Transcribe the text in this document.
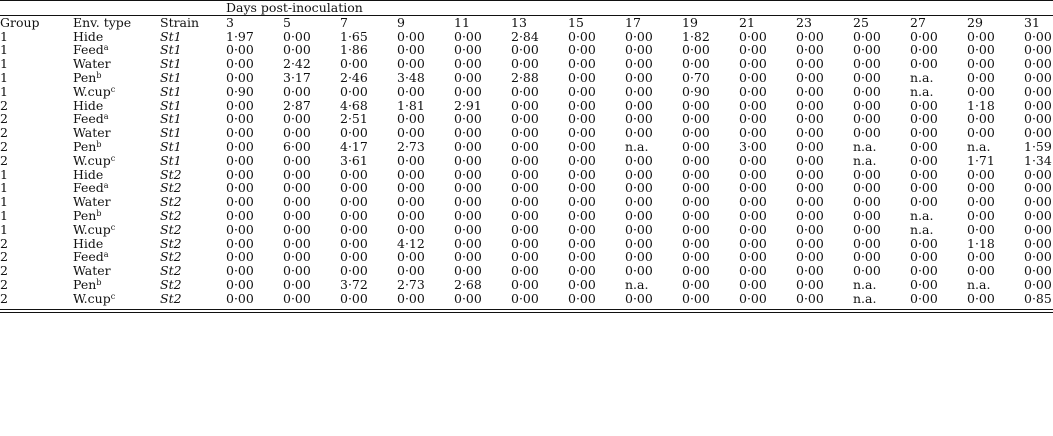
			Days post-inoculation														
Group	Env. type	Strain	3	5	7	9	11	13	15	17	19	21	23	25	27	29	31
1	Hide	St1	1·97	0·00	1·65	0·00	0·00	2·84	0·00	0·00	1·82	0·00	0·00	0·00	0·00	0·00	0·00
1	Feed$^a$	St1	0·00	0·00	1·86	0·00	0·00	0·00	0·00	0·00	0·00	0·00	0·00	0·00	0·00	0·00	0·00
1	Water	St1	0·00	2·42	0·00	0·00	0·00	0·00	0·00	0·00	0·00	0·00	0·00	0·00	0·00	0·00	0·00
1	Pen$^b$	St1	0·00	3·17	2·46	3·48	0·00	2·88	0·00	0·00	0·70	0·00	0·00	0·00	n.a.	0·00	0·00
1	W.cup$^c$	St1	0·90	0·00	0·00	0·00	0·00	0·00	0·00	0·00	0·90	0·00	0·00	0·00	n.a.	0·00	0·00
2	Hide	St1	0·00	2·87	4·68	1·81	2·91	0·00	0·00	0·00	0·00	0·00	0·00	0·00	0·00	1·18	0·00
2	Feed$^a$	St1	0·00	0·00	2·51	0·00	0·00	0·00	0·00	0·00	0·00	0·00	0·00	0·00	0·00	0·00	0·00
2	Water	St1	0·00	0·00	0·00	0·00	0·00	0·00	0·00	0·00	0·00	0·00	0·00	0·00	0·00	0·00	0·00
2	Pen$^b$	St1	0·00	6·00	4·17	2·73	0·00	0·00	0·00	n.a.	0·00	3·00	0·00	n.a.	0·00	n.a.	1·59
2	W.cup$^c$	St1	0·00	0·00	3·61	0·00	0·00	0·00	0·00	0·00	0·00	0·00	0·00	n.a.	0·00	1·71	1·34
1	Hide	St2	0·00	0·00	0·00	0·00	0·00	0·00	0·00	0·00	0·00	0·00	0·00	0·00	0·00	0·00	0·00
1	Feed$^a$	St2	0·00	0·00	0·00	0·00	0·00	0·00	0·00	0·00	0·00	0·00	0·00	0·00	0·00	0·00	0·00
1	Water	St2	0·00	0·00	0·00	0·00	0·00	0·00	0·00	0·00	0·00	0·00	0·00	0·00	0·00	0·00	0·00
1	Pen$^b$	St2	0·00	0·00	0·00	0·00	0·00	0·00	0·00	0·00	0·00	0·00	0·00	0·00	n.a.	0·00	0·00
1	W.cup$^c$	St2	0·00	0·00	0·00	0·00	0·00	0·00	0·00	0·00	0·00	0·00	0·00	0·00	n.a.	0·00	0·00
2	Hide	St2	0·00	0·00	0·00	4·12	0·00	0·00	0·00	0·00	0·00	0·00	0·00	0·00	0·00	1·18	0·00
2	Feed$^a$	St2	0·00	0·00	0·00	0·00	0·00	0·00	0·00	0·00	0·00	0·00	0·00	0·00	0·00	0·00	0·00
2	Water	St2	0·00	0·00	0·00	0·00	0·00	0·00	0·00	0·00	0·00	0·00	0·00	0·00	0·00	0·00	0·00
2	Pen$^b$	St2	0·00	0·00	3·72	2·73	2·68	0·00	0·00	n.a.	0·00	0·00	0·00	n.a.	0·00	n.a.	0·00
2	W.cup$^c$	St2	0·00	0·00	0·00	0·00	0·00	0·00	0·00	0·00	0·00	0·00	0·00	n.a.	0·00	0·00	0·85
